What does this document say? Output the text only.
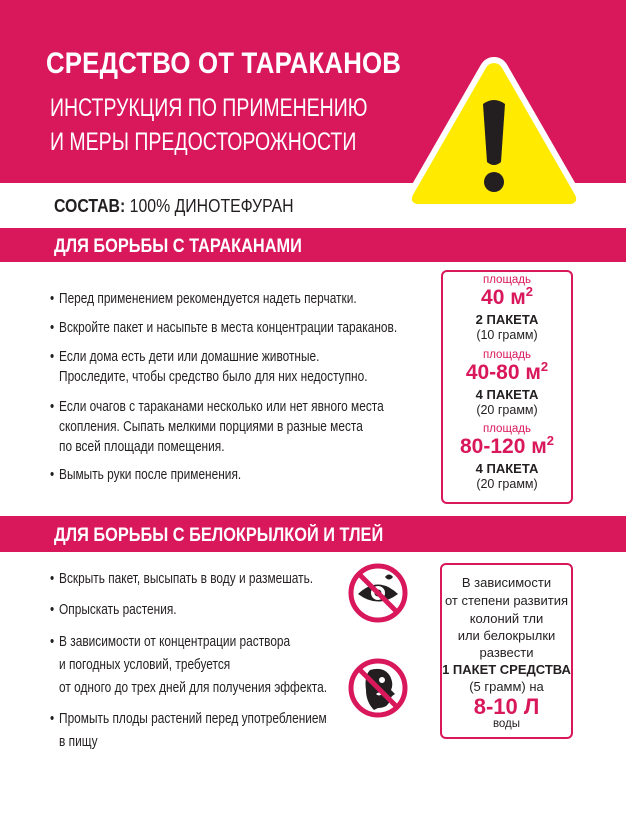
СРЕДСТВО ОТ ТАРАКАНОВ
ИНСТРУКЦИЯ ПО ПРИМЕНЕНИЮ
И МЕРЫ ПРЕДОСТОРОЖНОСТИ
СОСТАВ: 100% ДИНОТЕФУРАН
ДЛЯ БОРЬБЫ С ТАРАКАНАМИ
• Перед применением рекомендуется надеть перчатки.
• Вскройте пакет и насыпьте в места концентрации тараканов.
• Если дома есть дети или домашние животные.
Проследите, чтобы средство было для них недоступно.
• Если очагов с тараканами несколько или нет явного места
скопления. Сыпать мелкими порциями в разные места
по всей площади помещения.
• Вымыть руки после применения.
площадь
40 $м^2$
2 ПАКЕТА
(10 грамм)
площадь
40-80 $м^2$
4 ПАКЕТА
(20 грамм)
площадь
80-120 $м^2$
4 ПАКЕТА
(20 грамм)
ДЛЯ БОРЬБЫ С БЕЛОКРЫЛКОЙ И ТЛЕЙ
• Вскрыть пакет, высыпать в воду и размешать.
• Опрыскать растения.
• В зависимости от концентрации раствора
и погодных условий, требуется
от одного до трех дней для получения эффекта.
• Промыть плоды растений перед употреблением
в пищу
В зависимости
от степени развития
колоний тли
или белокрылки
развести
1 ПАКЕТ СРЕДСТВА
(5 грамм) на
8-10 Л
воды
